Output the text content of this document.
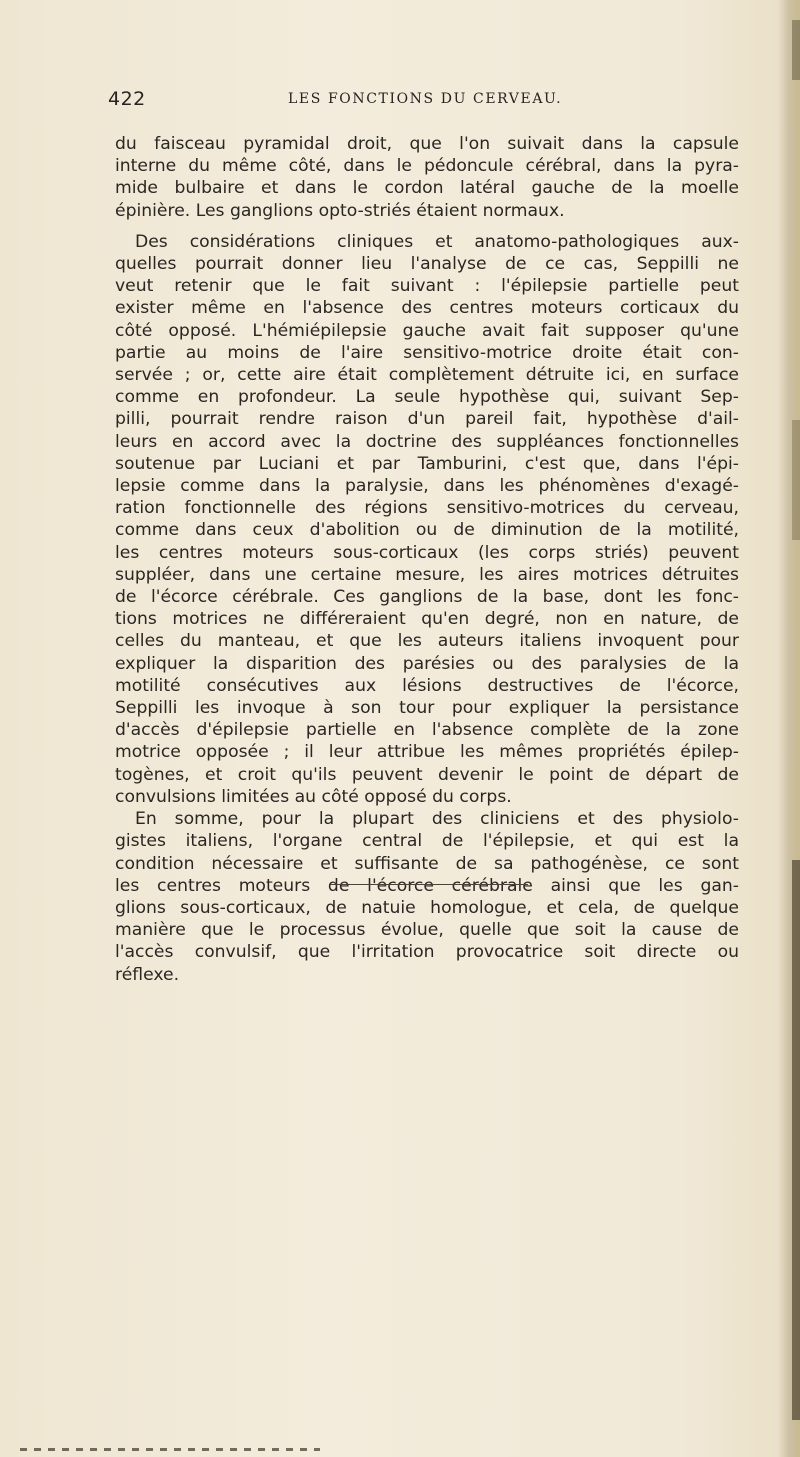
422	LES FONCTIONS DU CERVEAU.
du faisceau pyramidal droit, que l'on suivait dans la capsule
interne du même côté, dans le pédoncule cérébral, dans la pyra-
mide bulbaire et dans le cordon latéral gauche de la moelle
épinière. Les ganglions opto-striés étaient normaux.
Des considérations cliniques et anatomo-pathologiques aux-
quelles pourrait donner lieu l'analyse de ce cas, Seppilli ne
veut retenir que le fait suivant : l'épilepsie partielle peut
exister même en l'absence des centres moteurs corticaux du
côté opposé. L'hémiépilepsie gauche avait fait supposer qu'une
partie au moins de l'aire sensitivo-motrice droite était con-
servée ; or, cette aire était complètement détruite ici, en surface
comme en profondeur. La seule hypothèse qui, suivant Sep-
pilli, pourrait rendre raison d'un pareil fait, hypothèse d'ail-
leurs en accord avec la doctrine des suppléances fonctionnelles
soutenue par Luciani et par Tamburini, c'est que, dans l'épi-
lepsie comme dans la paralysie, dans les phénomènes d'exagé-
ration fonctionnelle des régions sensitivo-motrices du cerveau,
comme dans ceux d'abolition ou de diminution de la motilité,
les centres moteurs sous-corticaux (les corps striés) peuvent
suppléer, dans une certaine mesure, les aires motrices détruites
de l'écorce cérébrale. Ces ganglions de la base, dont les fonc-
tions motrices ne différeraient qu'en degré, non en nature, de
celles du manteau, et que les auteurs italiens invoquent pour
expliquer la disparition des parésies ou des paralysies de la
motilité consécutives aux lésions destructives de l'écorce,
Seppilli les invoque à son tour pour expliquer la persistance
d'accès d'épilepsie partielle en l'absence complète de la zone
motrice opposée ; il leur attribue les mêmes propriétés épilep-
togènes, et croit qu'ils peuvent devenir le point de départ de
convulsions limitées au côté opposé du corps.
En somme, pour la plupart des cliniciens et des physiolo-
gistes italiens, l'organe central de l'épilepsie, et qui est la
condition nécessaire et suffisante de sa pathogénèse, ce sont
les centres moteurs de l'écorce cérébrale ainsi que les gan-
glions sous-corticaux, de natuie homologue, et cela, de quelque
manière que le processus évolue, quelle que soit la cause de
l'accès convulsif, que l'irritation provocatrice soit directe ou
réflexe.
